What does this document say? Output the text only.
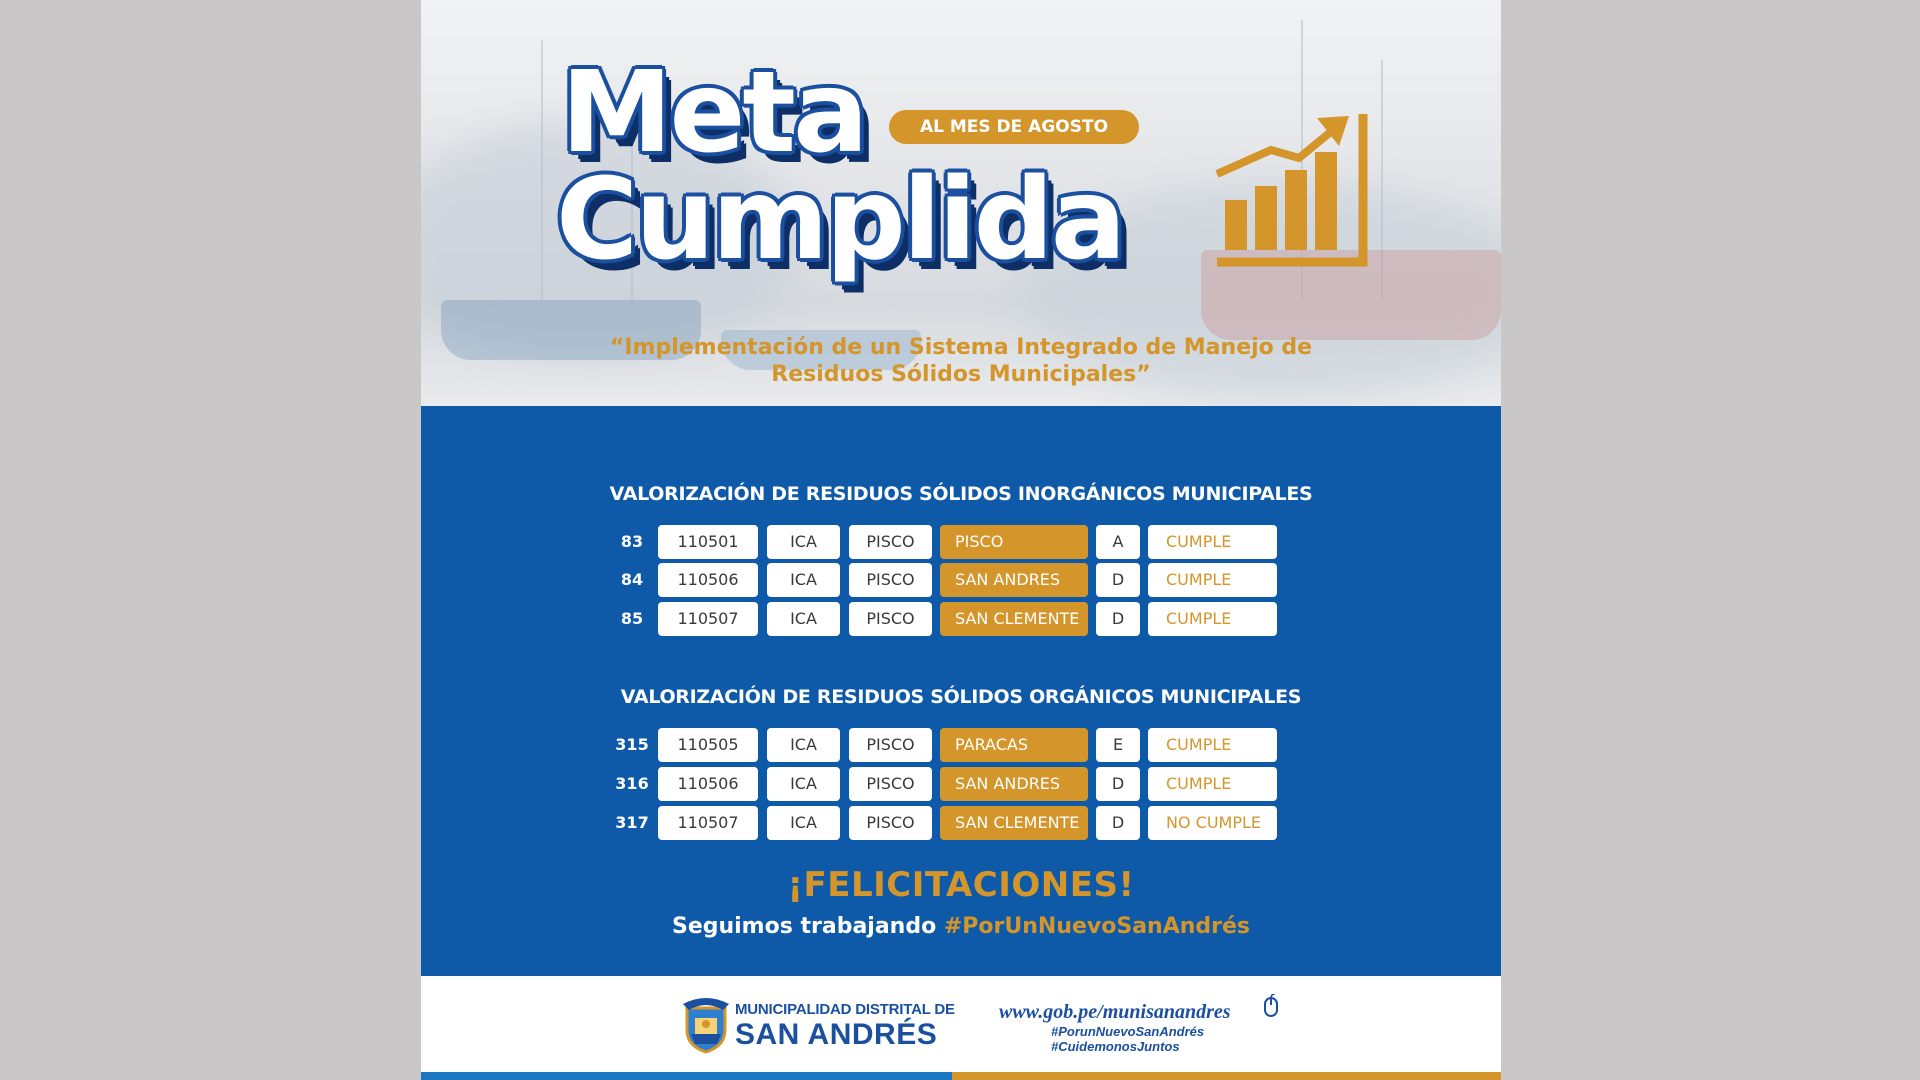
Meta
Cumplida
AL MES DE AGOSTO
“Implementación de un Sistema Integrado de Manejo de
Residuos Sólidos Municipales”
VALORIZACIÓN DE RESIDUOS SÓLIDOS INORGÁNICOS MUNICIPALES
83	110501	ICA	PISCO	PISCO	A	CUMPLE
84	110506	ICA	PISCO	SAN ANDRES	D	CUMPLE
85	110507	ICA	PISCO	SAN CLEMENTE	D	CUMPLE
VALORIZACIÓN DE RESIDUOS SÓLIDOS ORGÁNICOS MUNICIPALES
315	110505	ICA	PISCO	PARACAS	E	CUMPLE
316	110506	ICA	PISCO	SAN ANDRES	D	CUMPLE
317	110507	ICA	PISCO	SAN CLEMENTE	D	NO CUMPLE
¡FELICITACIONES!
Seguimos trabajando #PorUnNuevoSanAndrés
MUNICIPALIDAD DISTRITAL DE
SAN ANDRÉS
www.gob.pe/munisanandres
#PorunNuevoSanAndrés
#CuidemonosJuntos
